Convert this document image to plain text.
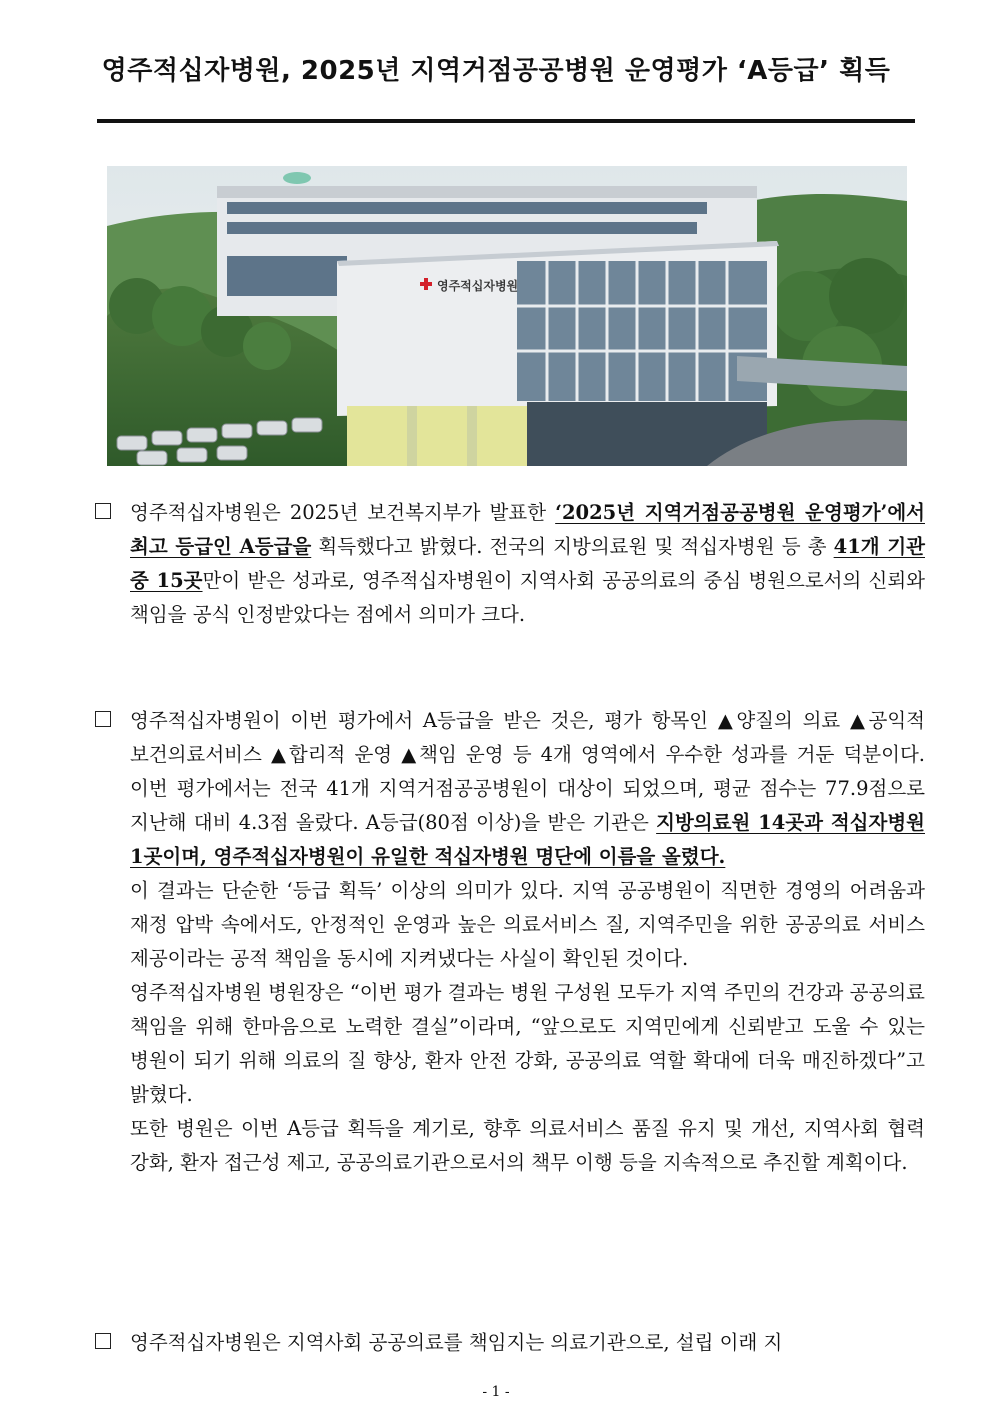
영주적십자병원, 2025년 지역거점공공병원 운영평가 ‘A등급’ 획득
영주적십자병원

영주적십자병원은 2025년 보건복지부가 발표한 ‘2025년 지역거점공공병원 운영평가’에서 최고 등급인 A등급을 획득했다고 밝혔다. 전국의 지방의료원 및 적십자병원 등 총 41개 기관 중 15곳만이 받은 성과로, 영주적십자병원이 지역사회 공공의료의 중심 병원으로서의 신뢰와 책임을 공식 인정받았다는 점에서 의미가 크다.

영주적십자병원이 이번 평가에서 A등급을 받은 것은, 평가 항목인 ▲양질의 의료 ▲공익적 보건의료서비스 ▲합리적 운영 ▲책임 운영 등 4개 영역에서 우수한 성과를 거둔 덕분이다. 이번 평가에서는 전국 41개 지역거점공공병원이 대상이 되었으며, 평균 점수는 77.9점으로 지난해 대비 4.3점 올랐다. A등급(80점 이상)을 받은 기관은 지방의료원 14곳과 적십자병원 1곳이며, 영주적십자병원이 유일한 적십자병원 명단에 이름을 올렸다.

이 결과는 단순한 ‘등급 획득’ 이상의 의미가 있다. 지역 공공병원이 직면한 경영의 어려움과 재정 압박 속에서도, 안정적인 운영과 높은 의료서비스 질, 지역주민을 위한 공공의료 서비스 제공이라는 공적 책임을 동시에 지켜냈다는 사실이 확인된 것이다.

영주적십자병원 병원장은 “이번 평가 결과는 병원 구성원 모두가 지역 주민의 건강과 공공의료 책임을 위해 한마음으로 노력한 결실”이라며, “앞으로도 지역민에게 신뢰받고 도울 수 있는 병원이 되기 위해 의료의 질 향상, 환자 안전 강화, 공공의료 역할 확대에 더욱 매진하겠다”고 밝혔다.

또한 병원은 이번 A등급 획득을 계기로, 향후 의료서비스 품질 유지 및 개선, 지역사회 협력 강화, 환자 접근성 제고, 공공의료기관으로서의 책무 이행 등을 지속적으로 추진할 계획이다.

영주적십자병원은 지역사회 공공의료를 책임지는 의료기관으로, 설립 이래 지

- 1 -
